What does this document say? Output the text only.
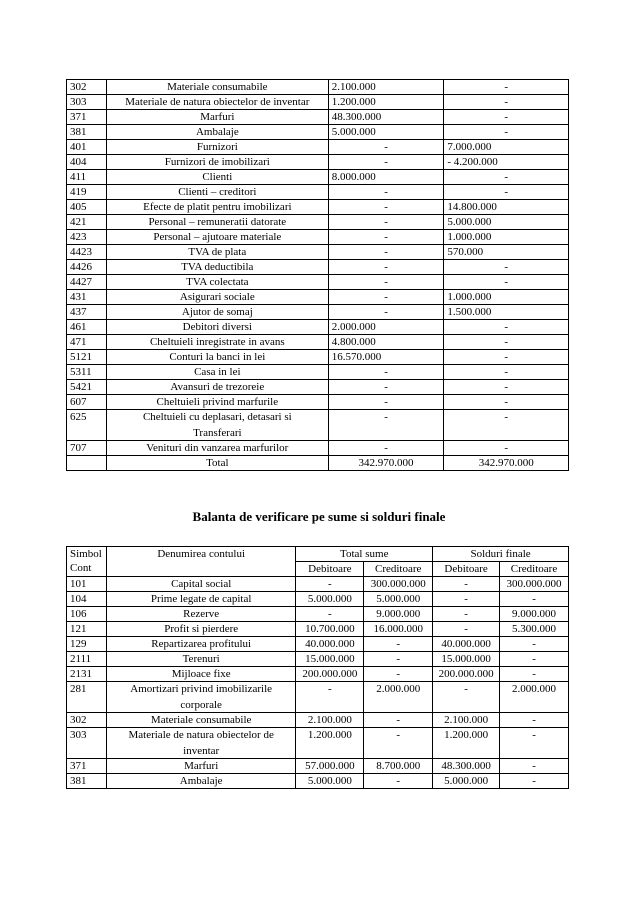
302	Materiale consumabile	2.100.000	-
303	Materiale de natura obiectelor de inventar	1.200.000	-
371	Marfuri	48.300.000	-
381	Ambalaje	5.000.000	-
401	Furnizori	-	7.000.000
404	Furnizori de imobilizari	-	- 4.200.000
411	Clienti	8.000.000	-
419	Clienti – creditori	-	-
405	Efecte de platit pentru imobilizari	-	14.800.000
421	Personal – remuneratii datorate	-	5.000.000
423	Personal – ajutoare materiale	-	1.000.000
4423	TVA de plata	-	570.000
4426	TVA deductibila	-	-
4427	TVA colectata	-	-
431	Asigurari sociale	-	1.000.000
437	Ajutor de somaj	-	1.500.000
461	Debitori diversi	2.000.000	-
471	Cheltuieli inregistrate in avans	4.800.000	-
5121	Conturi la banci in lei	16.570.000	-
5311	Casa in lei	-	-
5421	Avansuri de trezoreie	-	-
607	Cheltuieli privind marfurile	-	-
625	Cheltuieli cu deplasari, detasari si
Transferari	-	-
707	Venituri din vanzarea marfurilor	-	-
	Total	342.970.000	342.970.000
Balanta de verificare pe sume si solduri finale
Simbol
Cont	Denumirea contului	Total sume		Solduri finale	
		Debitoare	Creditoare	Debitoare	Creditoare
101	Capital social	-	300.000.000	-	300.000.000
104	Prime legate de capital	5.000.000	5.000.000	-	-
106	Rezerve	-	9.000.000	-	9.000.000
121	Profit si pierdere	10.700.000	16.000.000	-	5.300.000
129	Repartizarea profitului	40.000.000	-	40.000.000	-
2111	Terenuri	15.000.000	-	15.000.000	-
2131	Mijloace fixe	200.000.000	-	200.000.000	-
281	Amortizari privind imobilizarile
corporale	-	2.000.000	-	2.000.000
302	Materiale consumabile	2.100.000	-	2.100.000	-
303	Materiale de natura obiectelor de
inventar	1.200.000	-	1.200.000	-
371	Marfuri	57.000.000	8.700.000	48.300.000	-
381	Ambalaje	5.000.000	-	5.000.000	-
